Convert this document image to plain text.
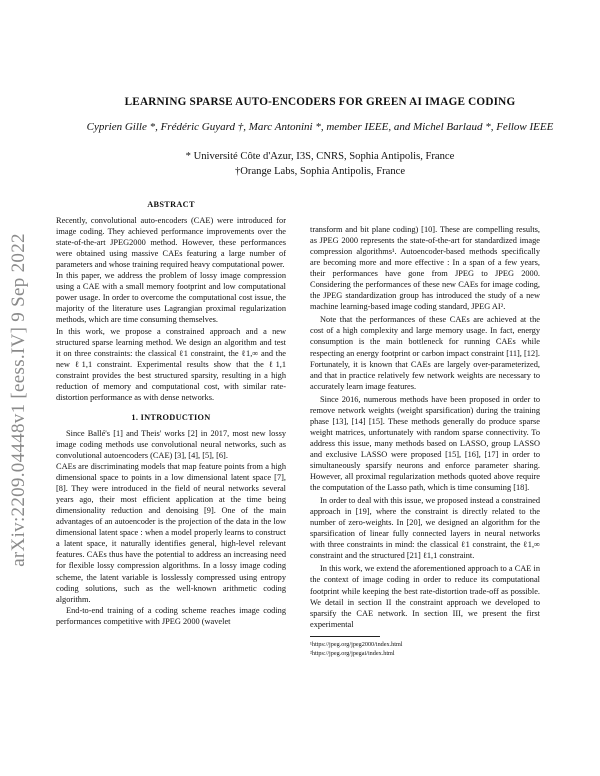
arXiv:2209.04448v1 [eess.IV] 9 Sep 2022
LEARNING SPARSE AUTO-ENCODERS FOR GREEN AI IMAGE CODING
Cyprien Gille *, Frédéric Guyard †, Marc Antonini *, member IEEE, and Michel Barlaud *, Fellow IEEE
* Université Côte d'Azur, I3S, CNRS, Sophia Antipolis, France
†Orange Labs, Sophia Antipolis, France
ABSTRACT

Recently, convolutional auto-encoders (CAE) were introduced for image coding. They achieved performance improvements over the state-of-the-art JPEG2000 method. However, these performances were obtained using massive CAEs featuring a large number of parameters and whose training required heavy computational power.

In this paper, we address the problem of lossy image compression using a CAE with a small memory footprint and low computational power usage. In order to overcome the computational cost issue, the majority of the literature uses Lagrangian proximal regularization methods, which are time consuming themselves.

In this work, we propose a constrained approach and a new structured sparse learning method. We design an algorithm and test it on three constraints: the classical ℓ1 constraint, the ℓ1,∞ and the new ℓ1,1 constraint. Experimental results show that the ℓ1,1 constraint provides the best structured sparsity, resulting in a high reduction of memory and computational cost, with similar rate-distortion performance as with dense networks.

1. INTRODUCTION

Since Ballé's [1] and Theis' works [2] in 2017, most new lossy image coding methods use convolutional neural networks, such as convolutional autoencoders (CAE) [3], [4], [5], [6].

CAEs are discriminating models that map feature points from a high dimensional space to points in a low dimensional latent space [7], [8]. They were introduced in the field of neural networks several years ago, their most efficient application at the time being dimensionality reduction and denoising [9]. One of the main advantages of an autoencoder is the projection of the data in the low dimensional latent space : when a model properly learns to construct a latent space, it naturally identifies general, high-level relevant features. CAEs thus have the potential to address an increasing need for flexible lossy compression algorithms. In a lossy image coding scheme, the latent variable is losslessly compressed using entropy coding solutions, such as the well-known arithmetic coding algorithm.

End-to-end training of a coding scheme reaches image coding performances competitive with JPEG 2000 (wavelet

transform and bit plane coding) [10]. These are compelling results, as JPEG 2000 represents the state-of-the-art for standardized image compression algorithms¹. Autoencoder-based methods specifically are becoming more and more effective : In a span of a few years, their performances have gone from JPEG to JPEG 2000. Considering the performances of these new CAEs for image coding, the JPEG standardization group has introduced the study of a new machine learning-based image coding standard, JPEG AI².

Note that the performances of these CAEs are achieved at the cost of a high complexity and large memory usage. In fact, energy consumption is the main bottleneck for running CAEs while respecting an energy footprint or carbon impact constraint [11], [12]. Fortunately, it is known that CAEs are largely over-parameterized, and that in practice relatively few network weights are necessary to accurately learn image features.

Since 2016, numerous methods have been proposed in order to remove network weights (weight sparsification) during the training phase [13], [14] [15]. These methods generally do produce sparse weight matrices, unfortunately with random sparse connectivity. To address this issue, many methods based on LASSO, group LASSO and exclusive LASSO were proposed [15], [16], [17] in order to simultaneously sparsify neurons and enforce parameter sharing. However, all proximal regularization methods quoted above require the computation of the Lasso path, which is time consuming [18].

In order to deal with this issue, we proposed instead a constrained approach in [19], where the constraint is directly related to the number of zero-weights. In [20], we designed an algorithm for the sparsification of linear fully connected layers in neural networks with three constraints in mind: the classical ℓ1 constraint, the ℓ1,∞ constraint and the structured [21] ℓ1,1 constraint.

In this work, we extend the aforementioned approach to a CAE in the context of image coding in order to reduce its computational footprint while keeping the best rate-distortion trade-off as possible. We detail in section II the constraint approach we developed to sparsify the CAE network. In section III, we present the first experimental

¹https://jpeg.org/jpeg2000/index.html
²https://jpeg.org/jpegai/index.html
